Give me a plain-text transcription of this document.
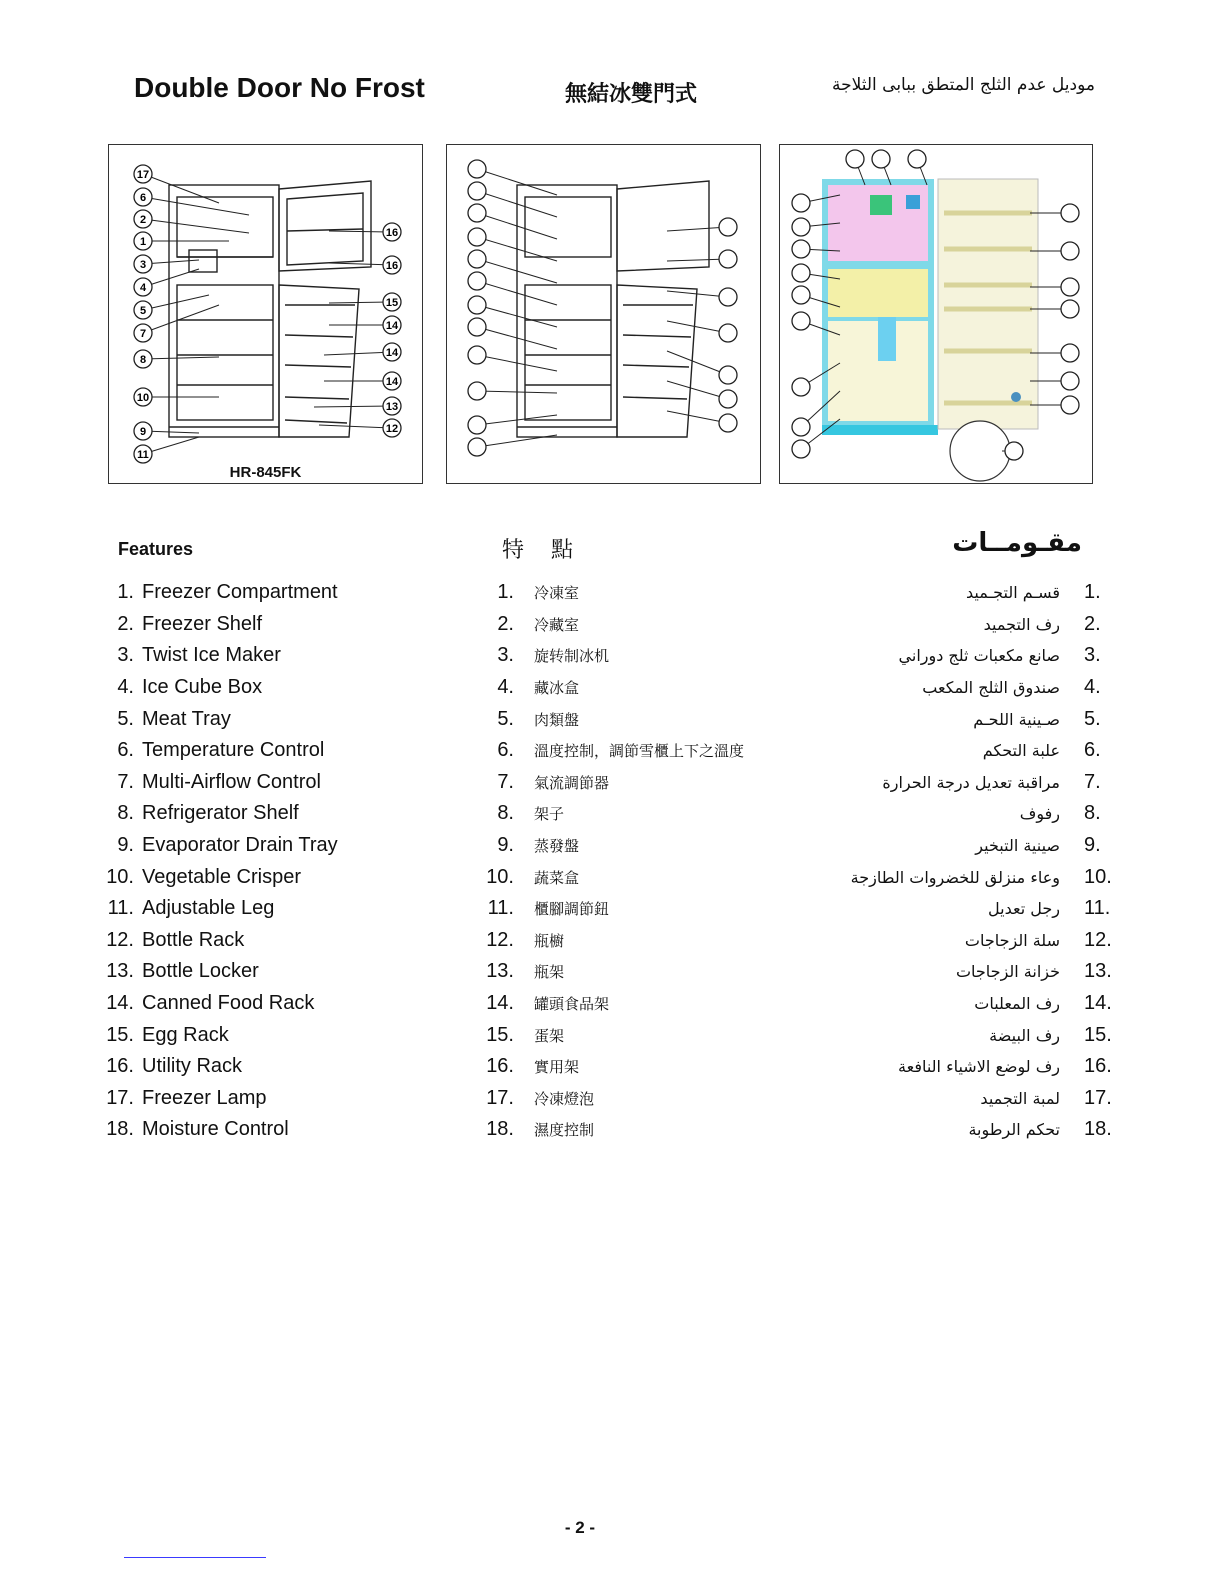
Double Door No Frost	無結冰雙門式	موديل عدم الثلج المتطق ببابى الثلاجة
17
6
2
1
3
4
5
7
8
10
9
11
16
16
15
14
14
14
13
12
HR-845FK
Features	特 點	مقـومــات
1. Freezer Compartment
2. Freezer Shelf
3. Twist Ice Maker
4. Ice Cube Box
5. Meat Tray
6. Temperature Control
7. Multi-Airflow Control
8. Refrigerator Shelf
9. Evaporator Drain Tray
10. Vegetable Crisper
11. Adjustable Leg
12. Bottle Rack
13. Bottle Locker
14. Canned Food Rack
15. Egg Rack
16. Utility Rack
17. Freezer Lamp
18. Moisture Control
1.	冷凍室
2.	冷藏室
3.	旋转制冰机
4.	藏冰盒
5.	肉類盤
6.	溫度控制，調節雪櫃上下之溫度
7.	氣流調節器
8.	架子
9.	蒸發盤
10.	蔬菜盒
11.	櫃腳調節鈕
12.	瓶櫥
13.	瓶架
14.	罐頭食品架
15.	蛋架
16.	實用架
17.	冷凍燈泡
18.	濕度控制
قسـم التجـميد	1.
رف التجميد	2.
صانع مكعبات ثلج دوراني	3.
صندوق الثلج المكعب	4.
صـينية اللحـم	5.
علبة التحكم	6.
مراقبة تعديل درجة الحرارة	7.
رفوف	8.
صينية التبخير	9.
وعاء منزلق للخضروات الطازجة	10.
رجل تعديل	11.
سلة الزجاجات	12.
خزانة الزجاجات	13.
رف المعلبات	14.
رف البيضة	15.
رف لوضع الاشياء النافعة	16.
لمبة التجميد	17.
تحكم الرطوبة	18.
- 2 -
